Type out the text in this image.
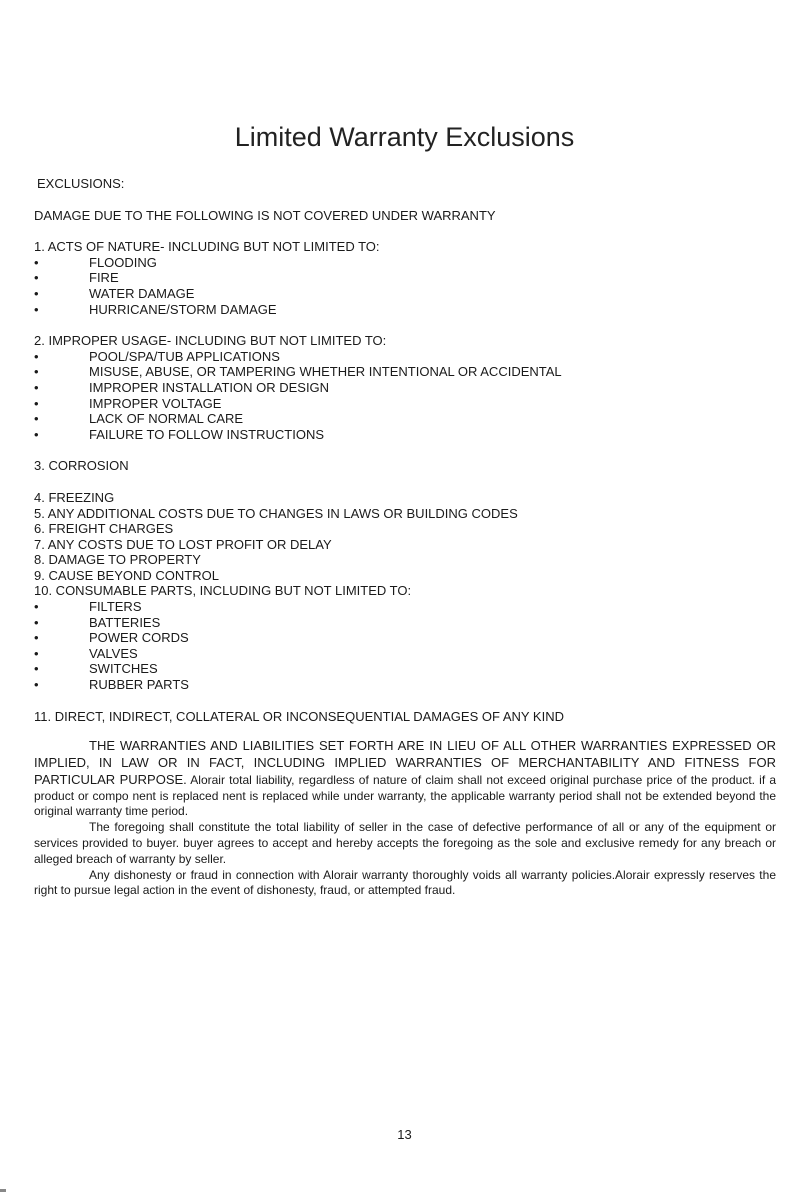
Limited Warranty Exclusions
EXCLUSIONS:
DAMAGE DUE TO THE FOLLOWING IS NOT COVERED UNDER WARRANTY
1. ACTS OF NATURE- INCLUDING BUT NOT LIMITED TO:
•	FLOODING
•	FIRE
•	WATER DAMAGE
•	HURRICANE/STORM DAMAGE
2. IMPROPER USAGE- INCLUDING BUT NOT LIMITED TO:
•	POOL/SPA/TUB APPLICATIONS
•	MISUSE, ABUSE, OR TAMPERING WHETHER INTENTIONAL OR ACCIDENTAL
•	IMPROPER INSTALLATION OR DESIGN
•	IMPROPER VOLTAGE
•	LACK OF NORMAL CARE
•	FAILURE TO FOLLOW INSTRUCTIONS
3. CORROSION
4. FREEZING
5. ANY ADDITIONAL COSTS DUE TO CHANGES IN LAWS OR BUILDING CODES
6. FREIGHT CHARGES
7. ANY COSTS DUE TO LOST PROFIT OR DELAY
8. DAMAGE TO PROPERTY
9. CAUSE BEYOND CONTROL
10. CONSUMABLE PARTS, INCLUDING BUT NOT LIMITED TO:
•	FILTERS
•	BATTERIES
•	POWER CORDS
•	VALVES
•	SWITCHES
•	RUBBER PARTS
11. DIRECT, INDIRECT, COLLATERAL OR INCONSEQUENTIAL DAMAGES OF ANY KIND
THE WARRANTIES AND LIABILITIES SET FORTH ARE IN LIEU OF ALL OTHER WARRANTIES EXPRESSED OR IMPLIED, IN LAW OR IN FACT, INCLUDING IMPLIED WARRANTIES OF MERCHANTABILITY AND FITNESS FOR PARTICULAR PURPOSE. Alorair total liability, regardless of nature of claim shall not exceed original purchase price of the product. if a product or compo nent is replaced nent is replaced while under warranty, the applicable warranty period shall not be extended beyond the original warranty time period.
The foregoing shall constitute the total liability of seller in the case of defective performance of all or any of the equipment or services provided to buyer. buyer agrees to accept and hereby accepts the foregoing as the sole and exclusive remedy for any breach or alleged breach of warranty by seller.
Any dishonesty or fraud in connection with Alorair warranty thoroughly voids all warranty policies.Alorair expressly reserves the right to pursue legal action in the event of dishonesty, fraud, or attempted fraud.
13
